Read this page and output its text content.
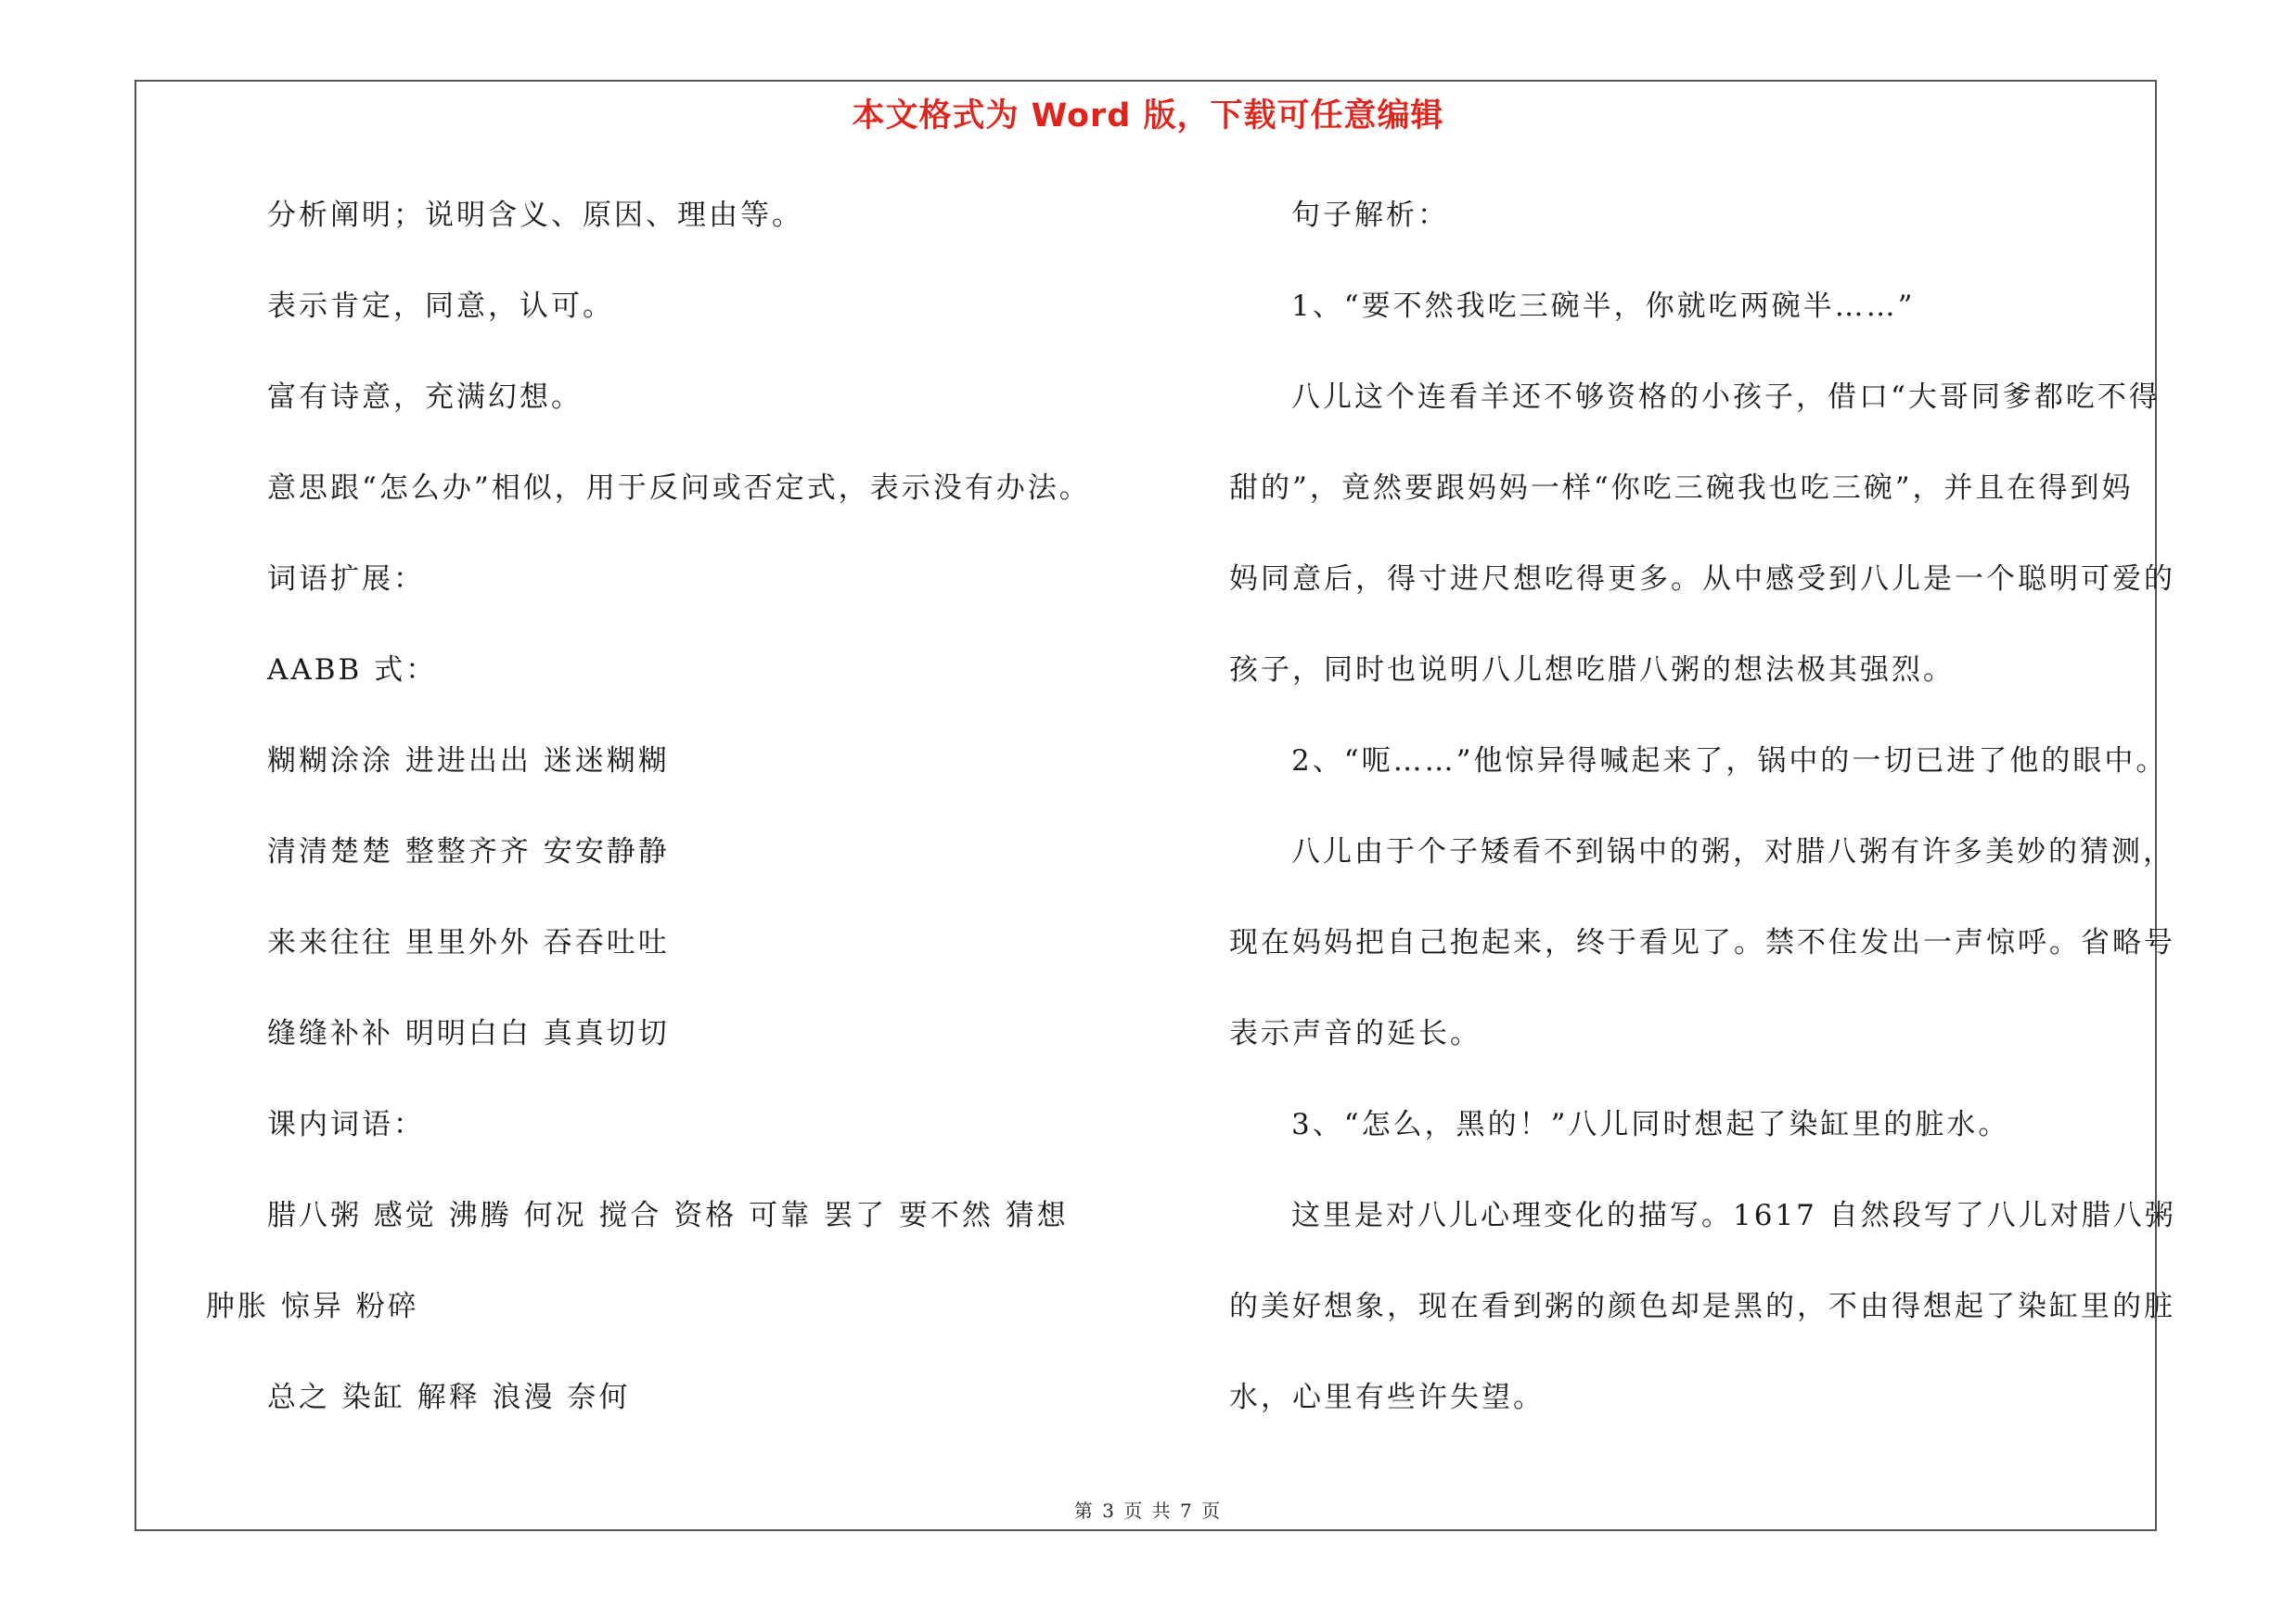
本文格式为 Word 版，下载可任意编辑
分析阐明；说明含义、原因、理由等。
表示肯定，同意，认可。
富有诗意，充满幻想。
意思跟“怎么办”相似，用于反问或否定式，表示没有办法。
词语扩展：
AABB 式：
糊糊涂涂 进进出出 迷迷糊糊
清清楚楚 整整齐齐 安安静静
来来往往 里里外外 吞吞吐吐
缝缝补补 明明白白 真真切切
课内词语：
腊八粥 感觉 沸腾 何况 搅合 资格 可靠 罢了 要不然 猜想
肿胀 惊异 粉碎
总之 染缸 解释 浪漫 奈何
句子解析：
1、“要不然我吃三碗半，你就吃两碗半……”
八儿这个连看羊还不够资格的小孩子，借口“大哥同爹都吃不得
甜的”，竟然要跟妈妈一样“你吃三碗我也吃三碗”，并且在得到妈
妈同意后，得寸进尺想吃得更多。从中感受到八儿是一个聪明可爱的
孩子，同时也说明八儿想吃腊八粥的想法极其强烈。
2、“呃……”他惊异得喊起来了，锅中的一切已进了他的眼中。
八儿由于个子矮看不到锅中的粥，对腊八粥有许多美妙的猜测，
现在妈妈把自己抱起来，终于看见了。禁不住发出一声惊呼。省略号
表示声音的延长。
3、“怎么，黑的！”八儿同时想起了染缸里的脏水。
这里是对八儿心理变化的描写。1617 自然段写了八儿对腊八粥
的美好想象，现在看到粥的颜色却是黑的，不由得想起了染缸里的脏
水，心里有些许失望。
第 3 页 共 7 页
